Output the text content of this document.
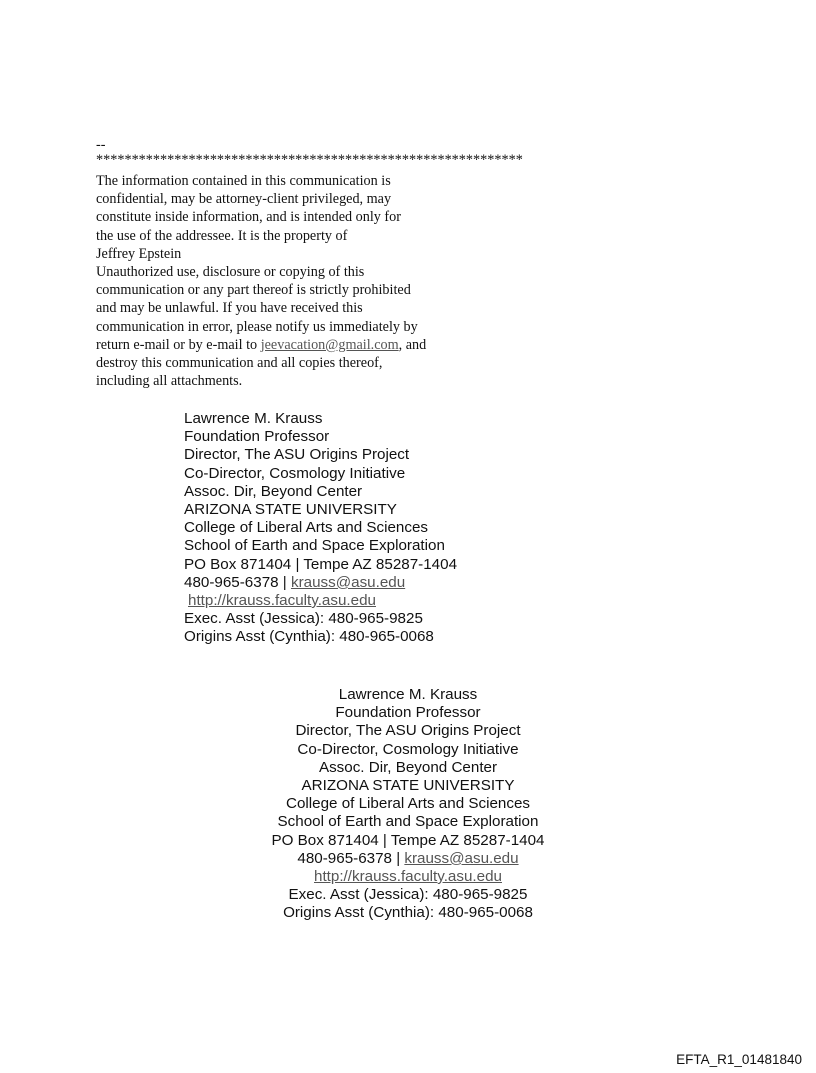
--
************************************************************
The information contained in this communication is
confidential, may be attorney-client privileged, may
constitute inside information, and is intended only for
the use of the addressee. It is the property of
Jeffrey Epstein
Unauthorized use, disclosure or copying of this
communication or any part thereof is strictly prohibited
and may be unlawful. If you have received this
communication in error, please notify us immediately by
return e-mail or by e-mail to jeevacation@gmail.com, and
destroy this communication and all copies thereof,
including all attachments.
Lawrence M. Krauss
Foundation Professor
Director, The ASU Origins Project
Co-Director, Cosmology Initiative
Assoc. Dir, Beyond Center
ARIZONA STATE UNIVERSITY
College of Liberal Arts and Sciences
School of Earth and Space Exploration
PO Box 871404 | Tempe AZ 85287-1404
480-965-6378 | krauss@asu.edu
http://krauss.faculty.asu.edu
Exec. Asst (Jessica): 480-965-9825
Origins Asst (Cynthia): 480-965-0068
Lawrence M. Krauss
Foundation Professor
Director, The ASU Origins Project
Co-Director, Cosmology Initiative
Assoc. Dir, Beyond Center
ARIZONA STATE UNIVERSITY
College of Liberal Arts and Sciences
School of Earth and Space Exploration
PO Box 871404 | Tempe AZ 85287-1404
480-965-6378 | krauss@asu.edu
http://krauss.faculty.asu.edu
Exec. Asst (Jessica): 480-965-9825
Origins Asst (Cynthia): 480-965-0068
EFTA_R1_01481840
